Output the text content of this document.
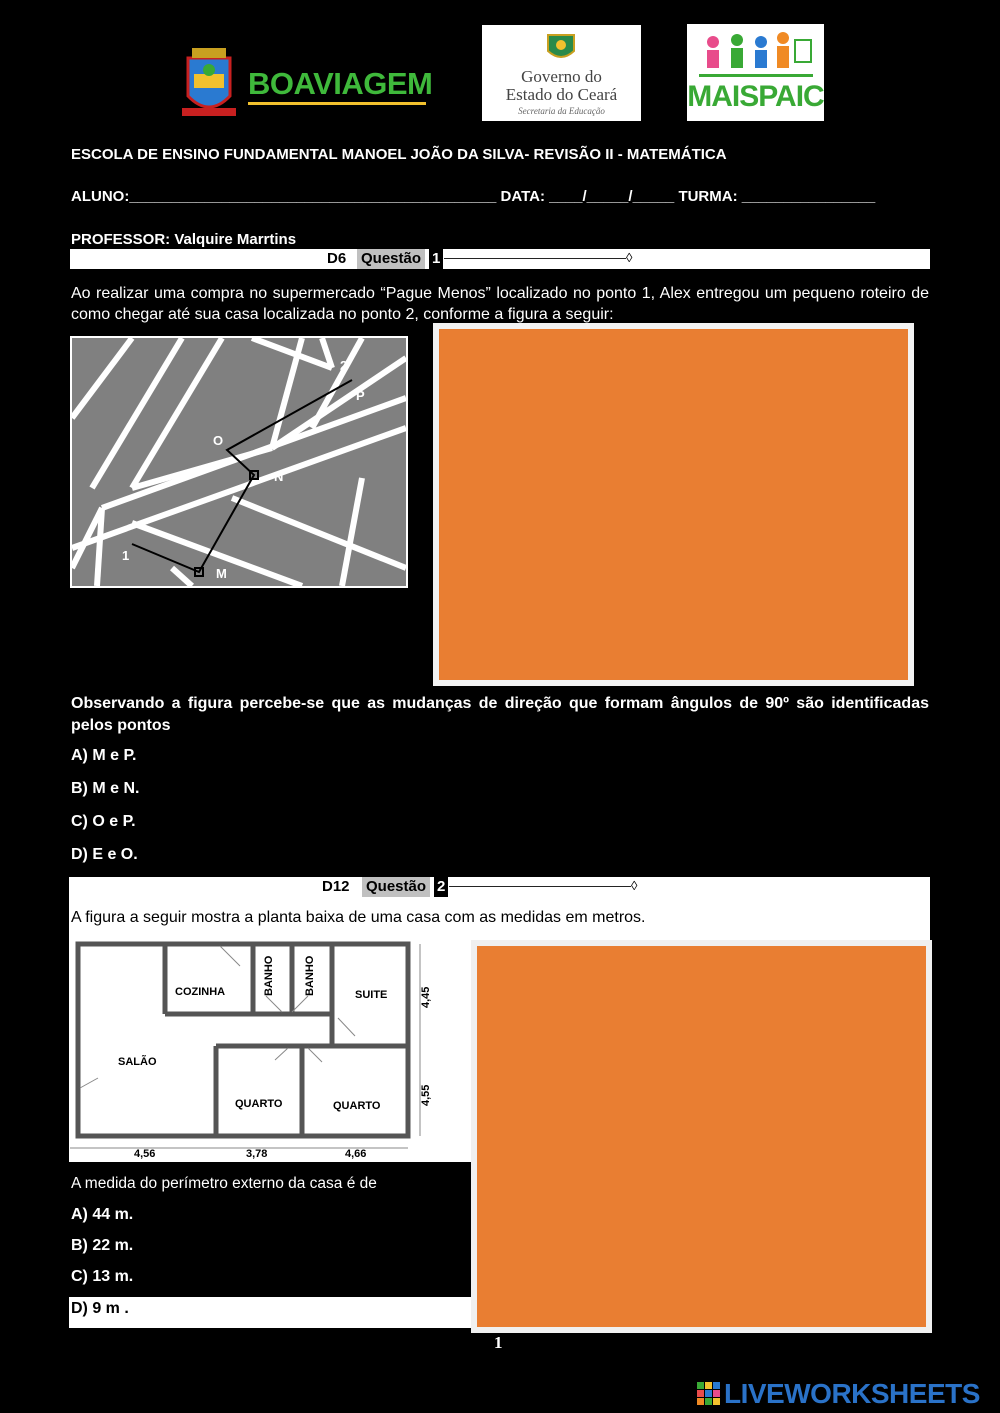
BOAVIAGEM	Governo do
Estado do Ceará
Secretaria da Educação	MAISPAIC
ESCOLA DE ENSINO FUNDAMENTAL MANOEL JOÃO DA SILVA- REVISÃO II - MATEMÁTICA
ALUNO:____________________________________________ DATA: ____/_____/_____ TURMA: ________________
PROFESSOR: Valquire Marrtins
D6 Questão 1 ——————————————◊
Ao realizar uma compra no supermercado “Pague Menos” localizado no ponto 1, Alex entregou um pequeno roteiro de como chegar até sua casa localizada no ponto 2, conforme a figura a seguir:
1
2
M
N
O
P
Observando a figura percebe-se que as mudanças de direção que formam ângulos de 90º são identificadas pelos pontos
A) M e P.
B) M e N.
C) O e P.
D) E e O.
D12 Questão 2 ——————————————◊
A figura a seguir mostra a planta baixa de uma casa com as medidas em metros.
COZINHA	BANHO	BANHO	SUITE
SALÃO
QUARTO	QUARTO
4,56	3,78	4,66
4,45
4,55
A medida do perímetro externo da casa é de
A) 44 m.
B) 22 m.
C) 13 m.
D) 9 m .
1
LIVEWORKSHEETS
